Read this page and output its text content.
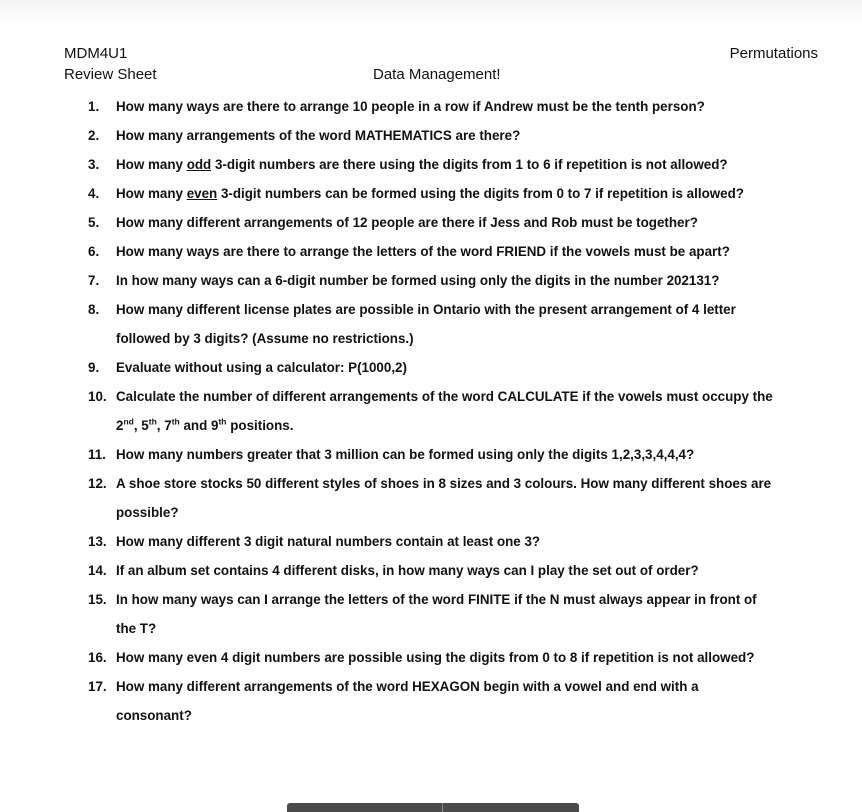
MDM4U1
Review Sheet	Data Management!
Permutations
1. How many ways are there to arrange 10 people in a row if Andrew must be the tenth person?
2. How many arrangements of the word MATHEMATICS are there?
3. How many odd 3-digit numbers are there using the digits from 1 to 6 if repetition is not allowed?
4. How many even 3-digit numbers can be formed using the digits from 0 to 7 if repetition is allowed?
5. How many different arrangements of 12 people are there if Jess and Rob must be together?
6. How many ways are there to arrange the letters of the word FRIEND if the vowels must be apart?
7. In how many ways can a 6-digit number be formed using only the digits in the number 202131?
8. How many different license plates are possible in Ontario with the present arrangement of 4 letter
followed by 3 digits? (Assume no restrictions.)
9. Evaluate without using a calculator: P(1000,2)
10. Calculate the number of different arrangements of the word CALCULATE if the vowels must occupy the
2nd, 5th, 7th and 9th positions.
11. How many numbers greater that 3 million can be formed using only the digits 1,2,3,3,4,4,4?
12. A shoe store stocks 50 different styles of shoes in 8 sizes and 3 colours. How many different shoes are
possible?
13. How many different 3 digit natural numbers contain at least one 3?
14. If an album set contains 4 different disks, in how many ways can I play the set out of order?
15. In how many ways can I arrange the letters of the word FINITE if the N must always appear in front of
the T?
16. How many even 4 digit numbers are possible using the digits from 0 to 8 if repetition is not allowed?
17. How many different arrangements of the word HEXAGON begin with a vowel and end with a
consonant?
